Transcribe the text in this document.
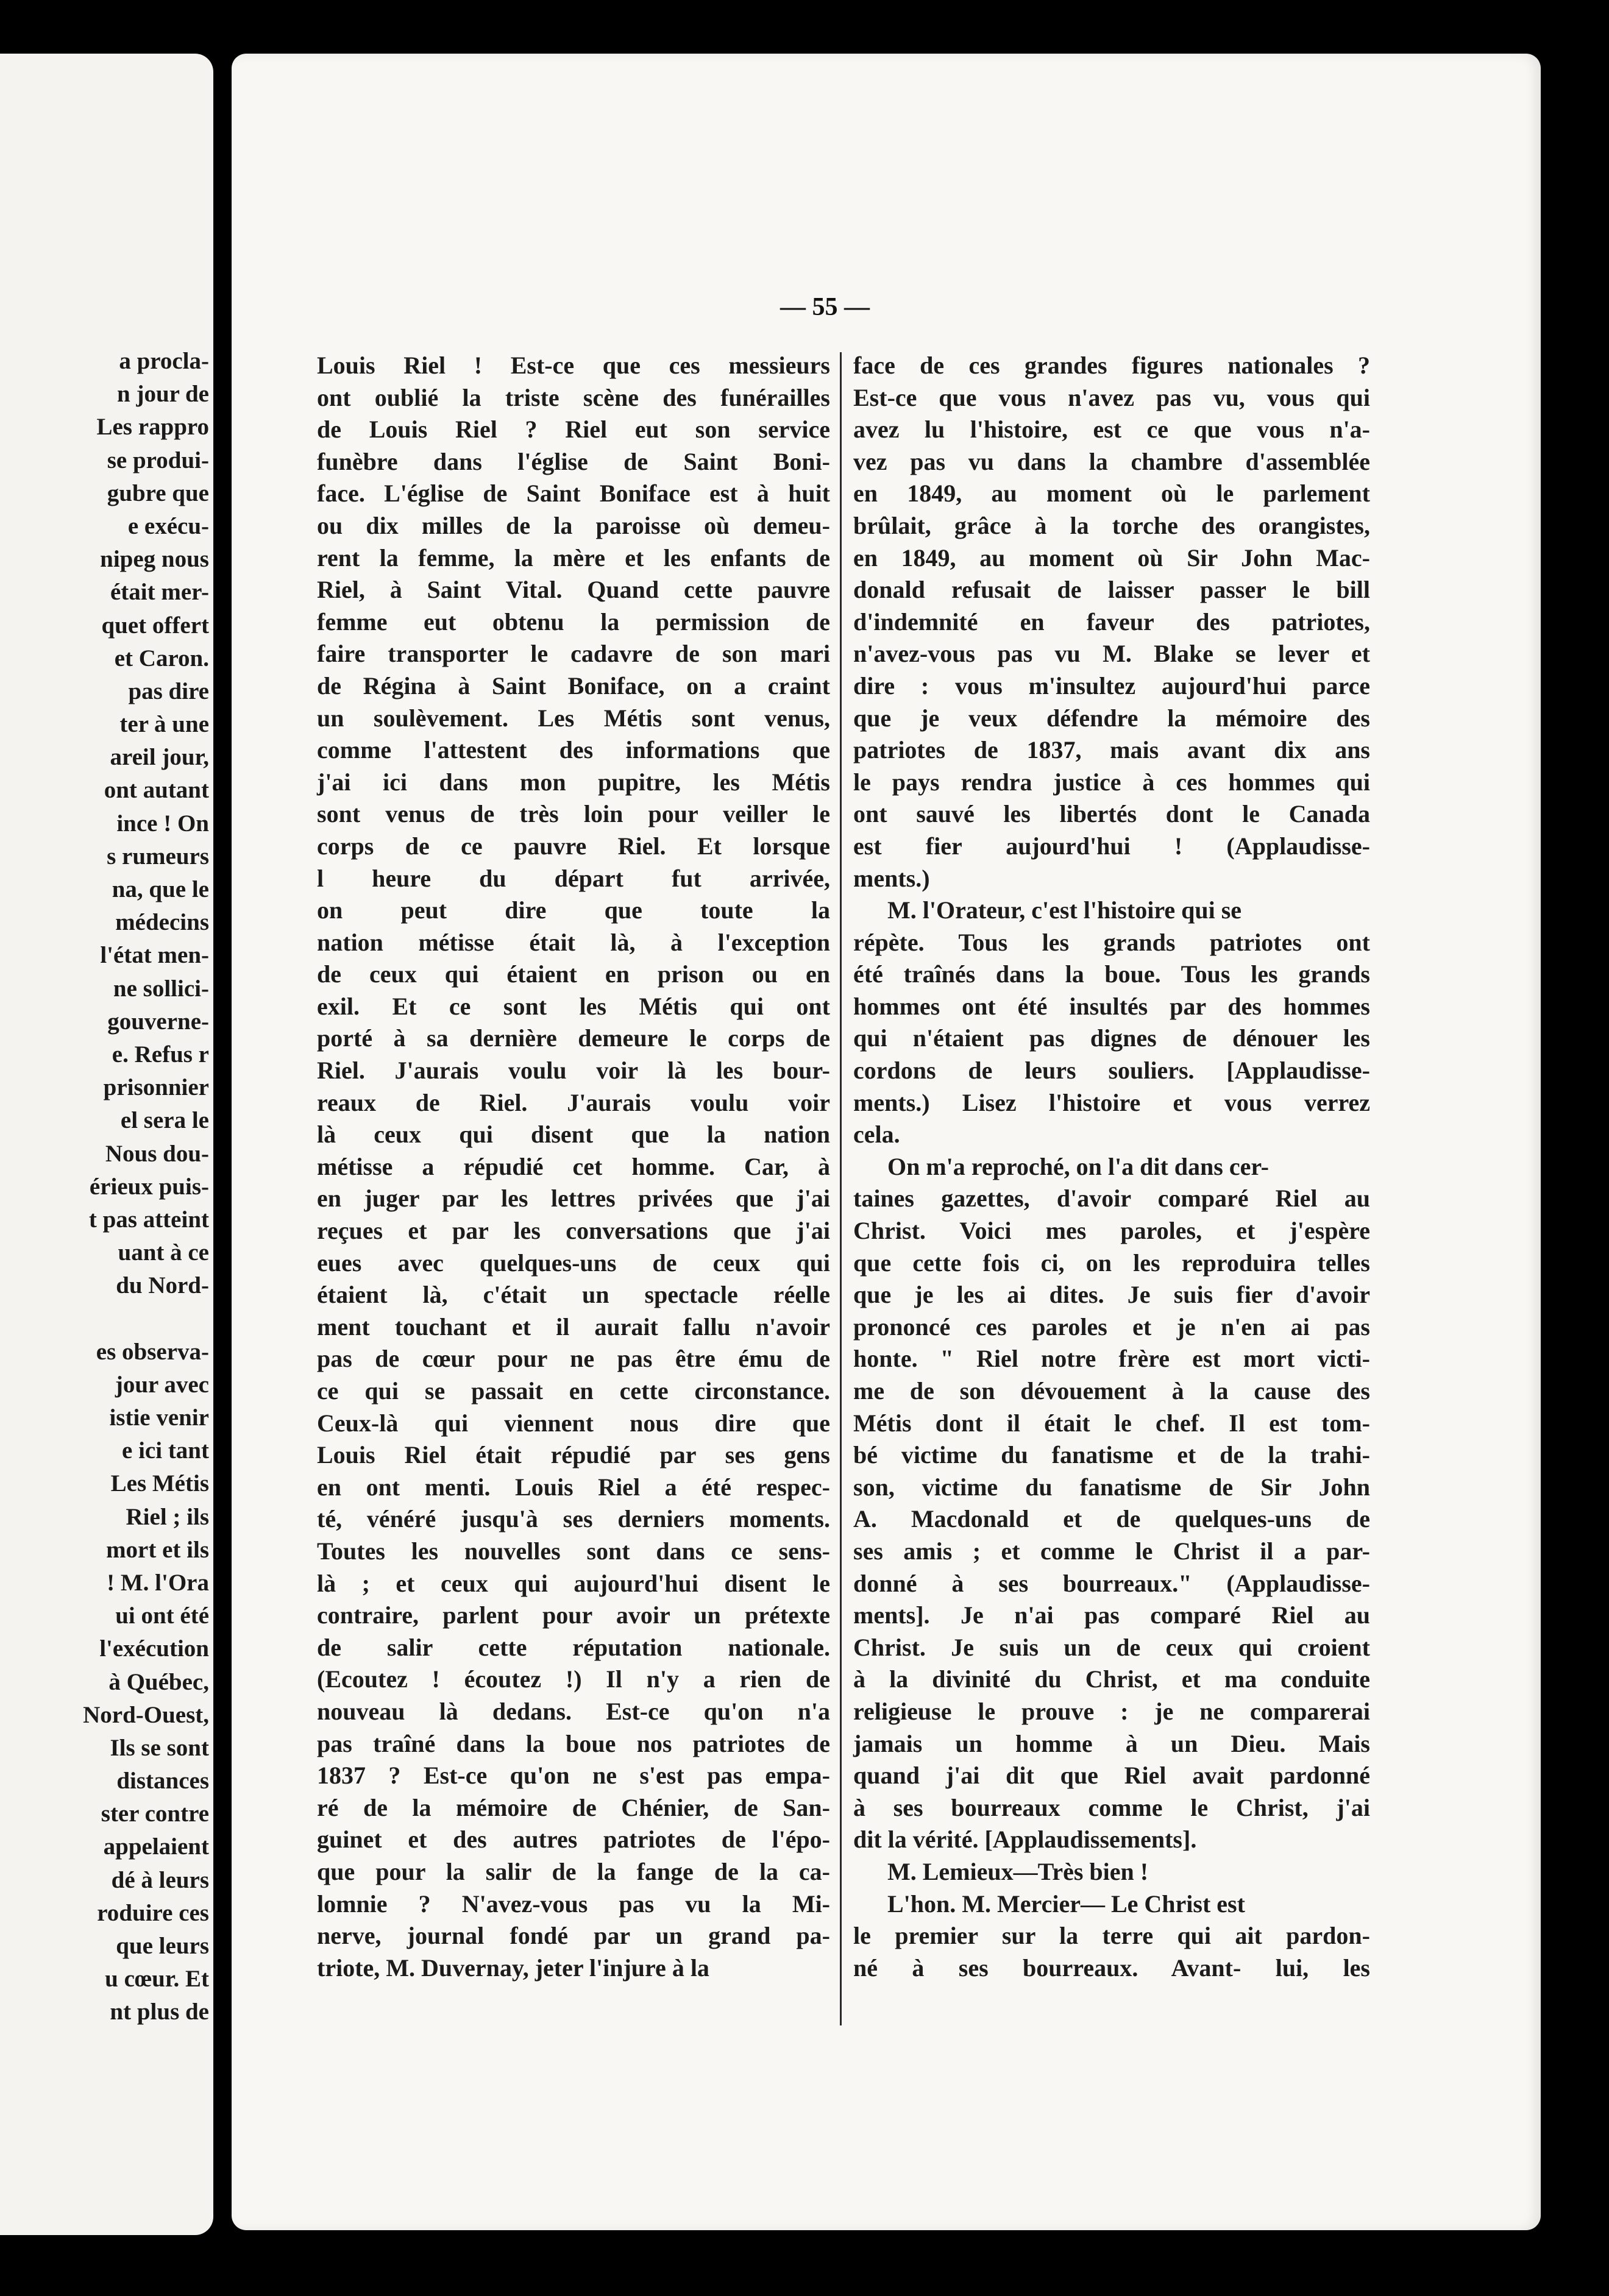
a procla-
n jour de
Les rappro
se produi-
gubre que
e exécu-
nipeg nous
était mer-
quet offert
et Caron.
pas dire
ter à une
areil jour,
ont autant
ince ! On
s rumeurs
na, que le
médecins
l'état men-
ne sollici-
gouverne-
e. Refus r
prisonnier
el sera le
Nous dou-
érieux puis-
t pas atteint
uant à ce
du Nord-
es observa-
jour avec
istie venir
e ici tant
Les Métis
Riel ; ils
mort et ils
! M. l'Ora
ui ont été
l'exécution
à Québec,
Nord-Ouest,
Ils se sont
distances
ster contre
appelaient
dé à leurs
roduire ces
que leurs
u cœur. Et
nt plus de
— 55 —
Louis Riel ! Est-ce que ces messieurs
ont oublié la triste scène des funérailles
de Louis Riel ? Riel eut son service
funèbre dans l'église de Saint Boni-
face. L'église de Saint Boniface est à huit
ou dix milles de la paroisse où demeu-
rent la femme, la mère et les enfants de
Riel, à Saint Vital. Quand cette pauvre
femme eut obtenu la permission de
faire transporter le cadavre de son mari
de Régina à Saint Boniface, on a craint
un soulèvement. Les Métis sont venus,
comme l'attestent des informations que
j'ai ici dans mon pupitre, les Métis
sont venus de très loin pour veiller le
corps de ce pauvre Riel. Et lorsque
l heure du départ fut arrivée,
on peut dire que toute la
nation métisse était là, à l'exception
de ceux qui étaient en prison ou en
exil. Et ce sont les Métis qui ont
porté à sa dernière demeure le corps de
Riel. J'aurais voulu voir là les bour-
reaux de Riel. J'aurais voulu voir
là ceux qui disent que la nation
métisse a répudié cet homme. Car, à
en juger par les lettres privées que j'ai
reçues et par les conversations que j'ai
eues avec quelques-uns de ceux qui
étaient là, c'était un spectacle réelle
ment touchant et il aurait fallu n'avoir
pas de cœur pour ne pas être ému de
ce qui se passait en cette circonstance.
Ceux-là qui viennent nous dire que
Louis Riel était répudié par ses gens
en ont menti. Louis Riel a été respec-
té, vénéré jusqu'à ses derniers moments.
Toutes les nouvelles sont dans ce sens-
là ; et ceux qui aujourd'hui disent le
contraire, parlent pour avoir un prétexte
de salir cette réputation nationale.
(Ecoutez ! écoutez !) Il n'y a rien de
nouveau là dedans. Est-ce qu'on n'a
pas traîné dans la boue nos patriotes de
1837 ? Est-ce qu'on ne s'est pas empa-
ré de la mémoire de Chénier, de San-
guinet et des autres patriotes de l'épo-
que pour la salir de la fange de la ca-
lomnie ? N'avez-vous pas vu la Mi-
nerve, journal fondé par un grand pa-
triote, M. Duvernay, jeter l'injure à la
face de ces grandes figures nationales ?
Est-ce que vous n'avez pas vu, vous qui
avez lu l'histoire, est ce que vous n'a-
vez pas vu dans la chambre d'assemblée
en 1849, au moment où le parlement
brûlait, grâce à la torche des orangistes,
en 1849, au moment où Sir John Mac-
donald refusait de laisser passer le bill
d'indemnité en faveur des patriotes,
n'avez-vous pas vu M. Blake se lever et
dire : vous m'insultez aujourd'hui parce
que je veux défendre la mémoire des
patriotes de 1837, mais avant dix ans
le pays rendra justice à ces hommes qui
ont sauvé les libertés dont le Canada
est fier aujourd'hui ! (Applaudisse-
ments.)
M. l'Orateur, c'est l'histoire qui se
répète. Tous les grands patriotes ont
été traînés dans la boue. Tous les grands
hommes ont été insultés par des hommes
qui n'étaient pas dignes de dénouer les
cordons de leurs souliers. [Applaudisse-
ments.) Lisez l'histoire et vous verrez
cela.
On m'a reproché, on l'a dit dans cer-
taines gazettes, d'avoir comparé Riel au
Christ. Voici mes paroles, et j'espère
que cette fois ci, on les reproduira telles
que je les ai dites. Je suis fier d'avoir
prononcé ces paroles et je n'en ai pas
honte. " Riel notre frère est mort victi-
me de son dévouement à la cause des
Métis dont il était le chef. Il est tom-
bé victime du fanatisme et de la trahi-
son, victime du fanatisme de Sir John
A. Macdonald et de quelques-uns de
ses amis ; et comme le Christ il a par-
donné à ses bourreaux." (Applaudisse-
ments]. Je n'ai pas comparé Riel au
Christ. Je suis un de ceux qui croient
à la divinité du Christ, et ma conduite
religieuse le prouve : je ne comparerai
jamais un homme à un Dieu. Mais
quand j'ai dit que Riel avait pardonné
à ses bourreaux comme le Christ, j'ai
dit la vérité. [Applaudissements].
M. Lemieux—Très bien !
L'hon. M. Mercier— Le Christ est
le premier sur la terre qui ait pardon-
né à ses bourreaux. Avant- lui, les
